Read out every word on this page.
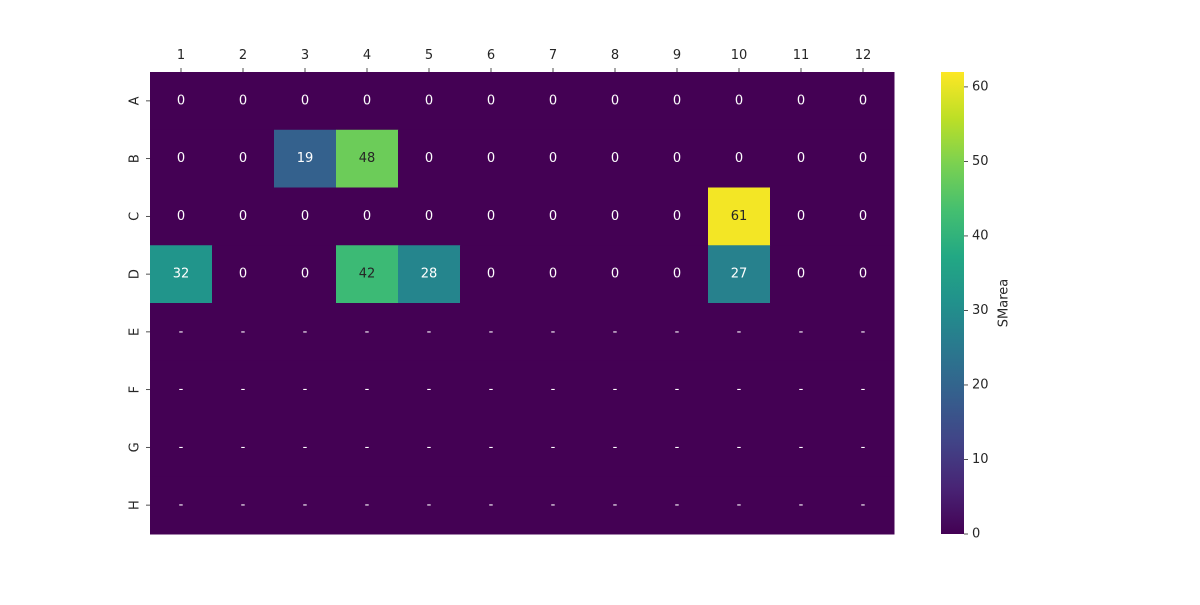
0	0	0	0	0	0	0	0	0	0	0	0
0	0	19	48	0	0	0	0	0	0	0	0
0	0	0	0	0	0	0	0	0	61	0	0
32	0	0	42	28	0	0	0	0	27	0	0
-	-	-	-	-	-	-	-	-	-	-	-
-	-	-	-	-	-	-	-	-	-	-	-
-	-	-	-	-	-	-	-	-	-	-	-
-	-	-	-	-	-	-	-	-	-	-	-
1	2	3	4	5	6	7	8	9	10	11	12
A
B
C
D
E
F
G
H
0
10
20
30
40
50
60
SMarea
